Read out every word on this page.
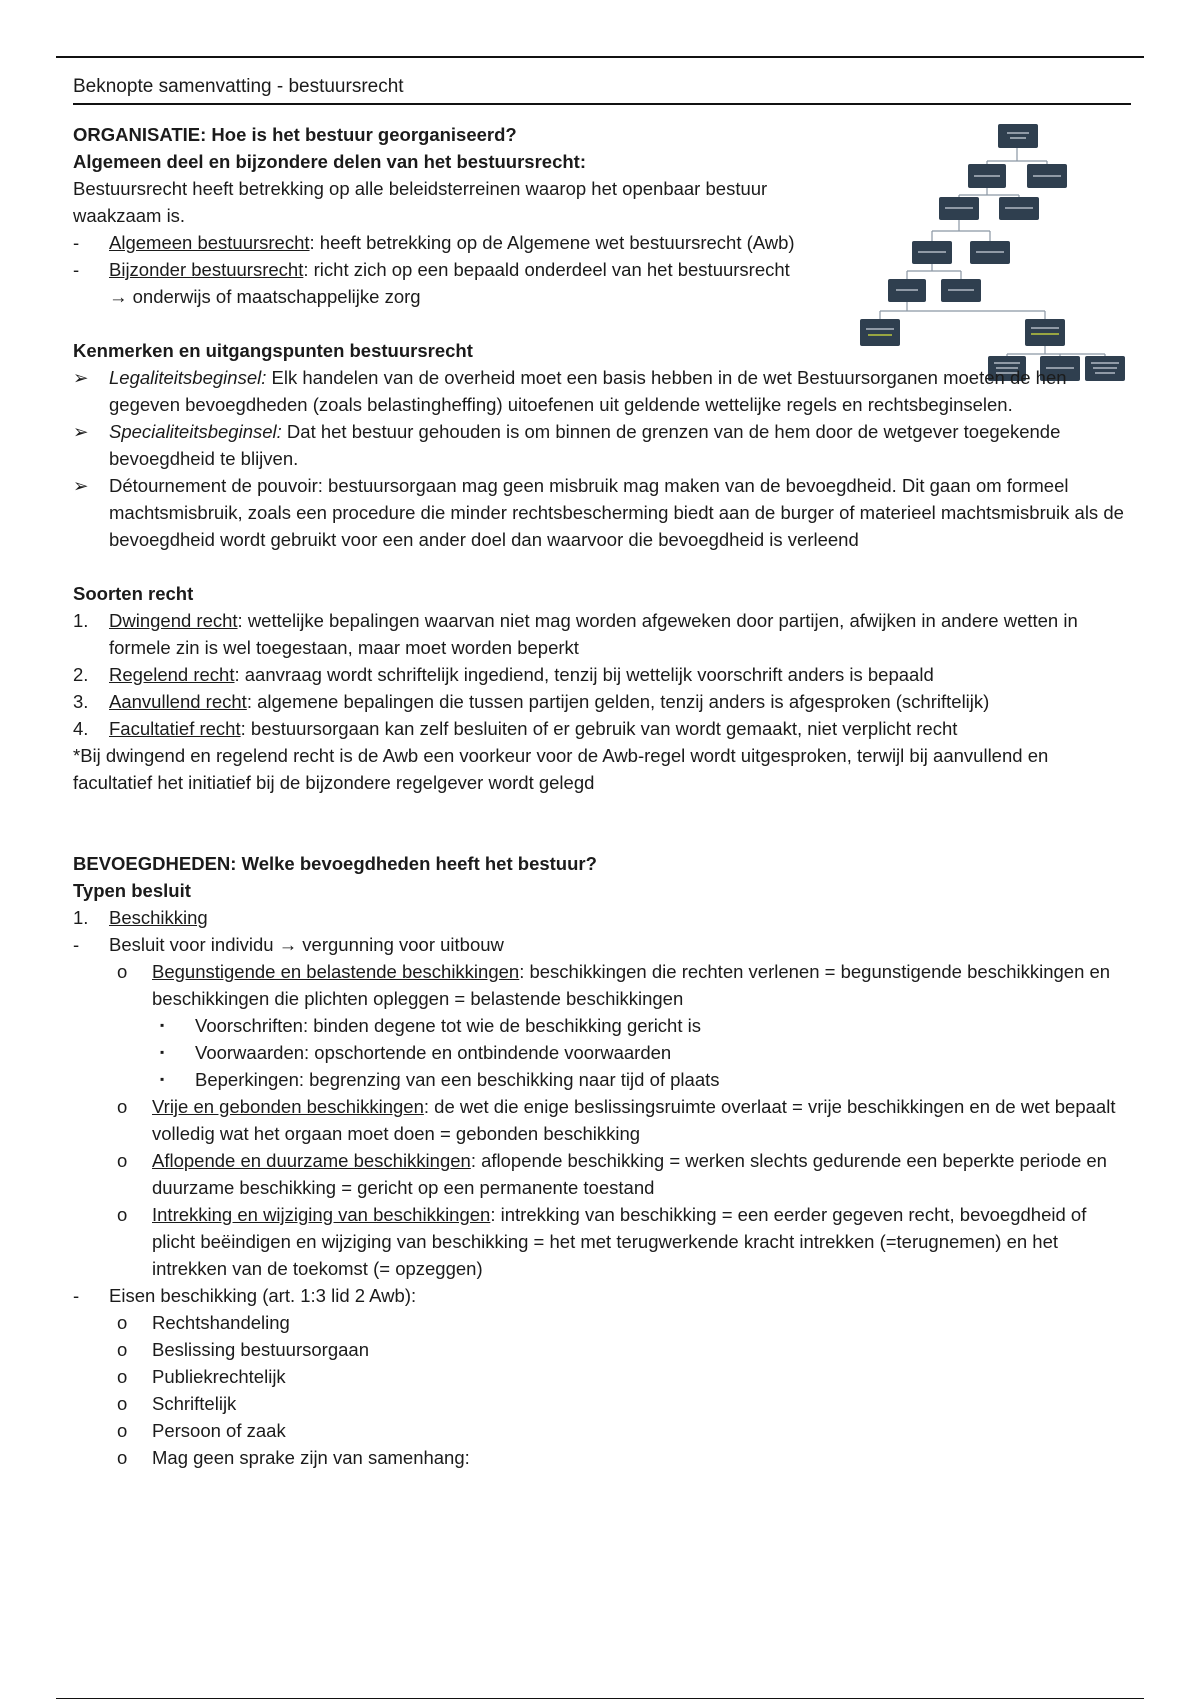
Beknopte samenvatting - bestuursrecht
ORGANISATIE: Hoe is het bestuur georganiseerd?
Algemeen deel en bijzondere delen van het bestuursrecht:
Bestuursrecht heeft betrekking op alle beleidsterreinen waarop het openbaar bestuur waakzaam is.
- Algemeen bestuursrecht: heeft betrekking op de Algemene wet bestuursrecht (Awb)
- Bijzonder bestuursrecht: richt zich op een bepaald onderdeel van het bestuursrecht → onderwijs of maatschappelijke zorg
Kenmerken en uitgangspunten bestuursrecht
➢ Legaliteitsbeginsel: Elk handelen van de overheid moet een basis hebben in de wet Bestuursorganen moeten de hen gegeven bevoegdheden (zoals belastingheffing) uitoefenen uit geldende wettelijke regels en rechtsbeginselen.
➢ Specialiteitsbeginsel: Dat het bestuur gehouden is om binnen de grenzen van de hem door de wetgever toegekende bevoegdheid te blijven.
➢ Détournement de pouvoir: bestuursorgaan mag geen misbruik mag maken van de bevoegdheid. Dit gaan om formeel machtsmisbruik, zoals een procedure die minder rechtsbescherming biedt aan de burger of materieel machtsmisbruik als de bevoegdheid wordt gebruikt voor een ander doel dan waarvoor die bevoegdheid is verleend
Soorten recht
1. Dwingend recht: wettelijke bepalingen waarvan niet mag worden afgeweken door partijen, afwijken in andere wetten in formele zin is wel toegestaan, maar moet worden beperkt
2. Regelend recht: aanvraag wordt schriftelijk ingediend, tenzij bij wettelijk voorschrift anders is bepaald
3. Aanvullend recht: algemene bepalingen die tussen partijen gelden, tenzij anders is afgesproken (schriftelijk)
4. Facultatief recht: bestuursorgaan kan zelf besluiten of er gebruik van wordt gemaakt, niet verplicht recht
*Bij dwingend en regelend recht is de Awb een voorkeur voor de Awb-regel wordt uitgesproken, terwijl bij aanvullend en facultatief het initiatief bij de bijzondere regelgever wordt gelegd
BEVOEGDHEDEN: Welke bevoegdheden heeft het bestuur?
Typen besluit
1. Beschikking
- Besluit voor individu → vergunning voor uitbouw
o Begunstigende en belastende beschikkingen: beschikkingen die rechten verlenen = begunstigende beschikkingen en beschikkingen die plichten opleggen = belastende beschikkingen
▪ Voorschriften: binden degene tot wie de beschikking gericht is
▪ Voorwaarden: opschortende en ontbindende voorwaarden
▪ Beperkingen: begrenzing van een beschikking naar tijd of plaats
o Vrije en gebonden beschikkingen: de wet die enige beslissingsruimte overlaat = vrije beschikkingen en de wet bepaalt volledig wat het orgaan moet doen = gebonden beschikking
o Aflopende en duurzame beschikkingen: aflopende beschikking = werken slechts gedurende een beperkte periode en duurzame beschikking = gericht op een permanente toestand
o Intrekking en wijziging van beschikkingen: intrekking van beschikking = een eerder gegeven recht, bevoegdheid of plicht beëindigen en wijziging van beschikking = het met terugwerkende kracht intrekken (=terugnemen) en het intrekken van de toekomst (= opzeggen)
- Eisen beschikking (art. 1:3 lid 2 Awb):
o Rechtshandeling
o Beslissing bestuursorgaan
o Publiekrechtelijk
o Schriftelijk
o Persoon of zaak
o Mag geen sprake zijn van samenhang:
